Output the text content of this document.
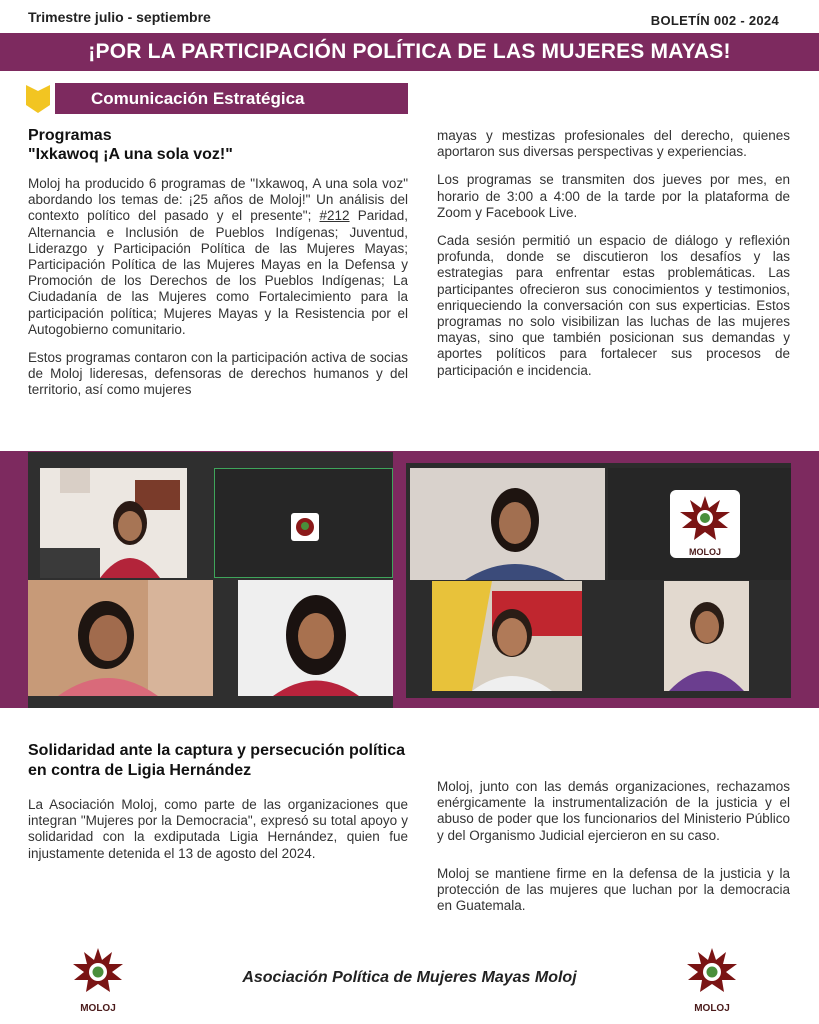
Trimestre julio - septiembre	BOLETÍN 002 - 2024
¡POR LA PARTICIPACIÓN POLÍTICA DE LAS MUJERES MAYAS!
Comunicación Estratégica
Programas
"Ixkawoq ¡A una sola voz!"

Moloj ha producido 6 programas de "Ixkawoq, A una sola voz" abordando los temas de: ¡25 años de Moloj!" Un análisis del contexto político del pasado y el presente"; #212 Paridad, Alternancia e Inclusión de Pueblos Indígenas; Juventud, Liderazgo y Participación Política de las Mujeres Mayas; Participación Política de las Mujeres Mayas en la Defensa y Promoción de los Derechos de los Pueblos Indígenas; La Ciudadanía de las Mujeres como Fortalecimiento para la participación política; Mujeres Mayas y la Resistencia por el Autogobierno comunitario.

Estos programas contaron con la participación activa de socias de Moloj lideresas, defensoras de derechos humanos y del territorio, así como mujeres

mayas y mestizas profesionales del derecho, quienes aportaron sus diversas perspectivas y experiencias.

Los programas se transmiten dos jueves por mes, en horario de 3:00 a 4:00 de la tarde por la plataforma de Zoom y Facebook Live.

Cada sesión permitió un espacio de diálogo y reflexión profunda, donde se discutieron los desafíos y las estrategias para enfrentar estas problemáticas. Las participantes ofrecieron sus conocimientos y testimonios, enriqueciendo la conversación con sus experticias. Estos programas no solo visibilizan las luchas de las mujeres mayas, sino que también posicionan sus demandas y aportes políticos para fortalecer sus procesos de participación e incidencia.

MOLOJ
Solidaridad ante la captura y persecución política en contra de Ligia Hernández

La Asociación Moloj, como parte de las organizaciones que integran "Mujeres por la Democracia", expresó su total apoyo y solidaridad con la exdiputada Ligia Hernández, quien fue injustamente detenida el 13 de agosto del 2024.

Moloj, junto con las demás organizaciones, rechazamos enérgicamente la instrumentalización de la justicia y el abuso de poder que los funcionarios del Ministerio Público y del Organismo Judicial ejercieron en su caso.

Moloj se mantiene firme en la defensa de la justicia y la protección de las mujeres que luchan por la democracia en Guatemala.

MOLOJ
Asociación Política de Mujeres Mayas Moloj
MOLOJ
